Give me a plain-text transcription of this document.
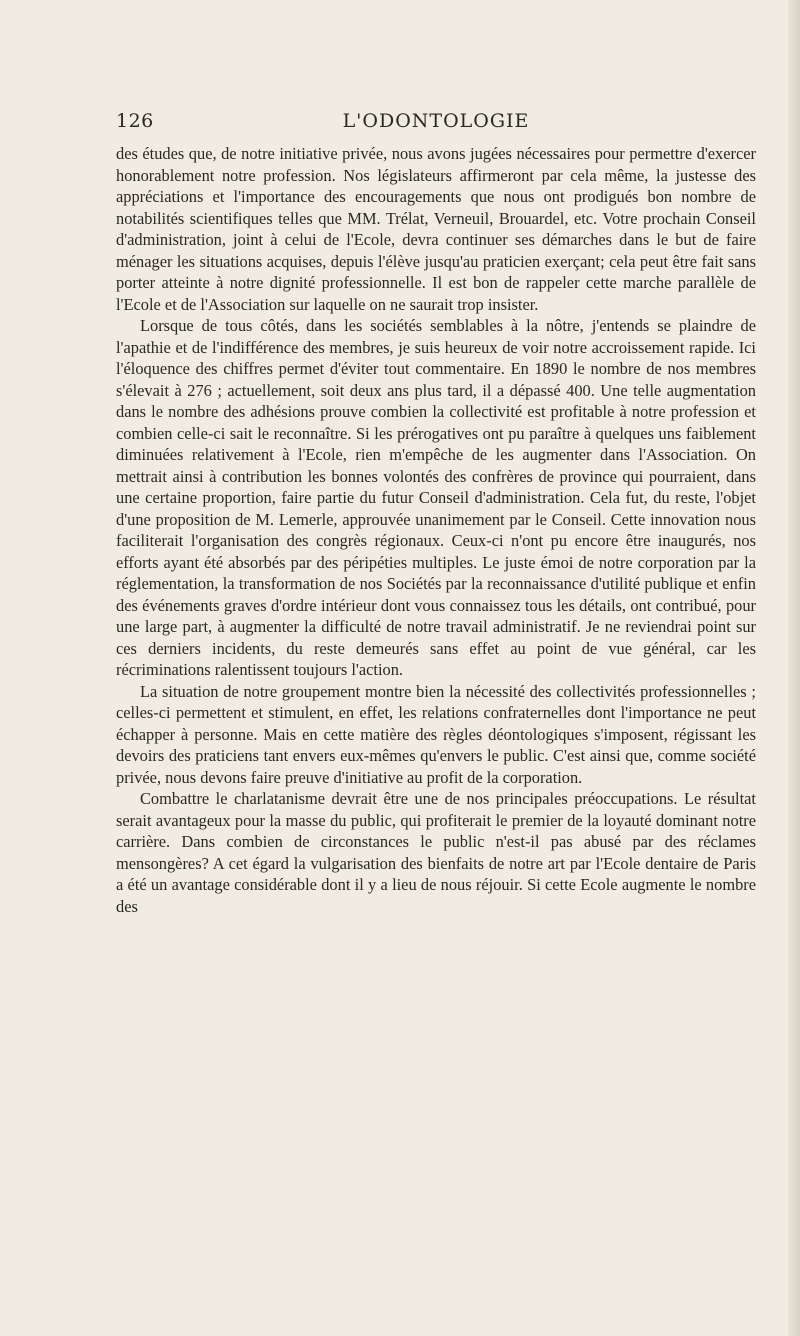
126	L'ODONTOLOGIE

des études que, de notre initiative privée, nous avons jugées nécessaires pour permettre d'exercer honorablement notre profession. Nos législateurs affirmeront par cela même, la justesse des appréciations et l'importance des encouragements que nous ont prodigués bon nombre de notabilités scientifiques telles que MM. Trélat, Verneuil, Brouardel, etc. Votre prochain Conseil d'administration, joint à celui de l'Ecole, devra continuer ses démarches dans le but de faire ménager les situations acquises, depuis l'élève jusqu'au praticien exerçant; cela peut être fait sans porter atteinte à notre dignité professionnelle. Il est bon de rappeler cette marche parallèle de l'Ecole et de l'Association sur laquelle on ne saurait trop insister.

Lorsque de tous côtés, dans les sociétés semblables à la nôtre, j'entends se plaindre de l'apathie et de l'indifférence des membres, je suis heureux de voir notre accroissement rapide. Ici l'éloquence des chiffres permet d'éviter tout commentaire. En 1890 le nombre de nos membres s'élevait à 276 ; actuellement, soit deux ans plus tard, il a dépassé 400. Une telle augmentation dans le nombre des adhésions prouve combien la collectivité est profitable à notre profession et combien celle-ci sait le reconnaître. Si les prérogatives ont pu paraître à quelques uns faiblement diminuées relativement à l'Ecole, rien m'empêche de les augmenter dans l'Association. On mettrait ainsi à contribution les bonnes volontés des confrères de province qui pourraient, dans une certaine proportion, faire partie du futur Conseil d'administration. Cela fut, du reste, l'objet d'une proposition de M. Lemerle, approuvée unanimement par le Conseil. Cette innovation nous faciliterait l'organisation des congrès régionaux. Ceux-ci n'ont pu encore être inaugurés, nos efforts ayant été absorbés par des péripéties multiples. Le juste émoi de notre corporation par la réglementation, la transformation de nos Sociétés par la reconnaissance d'utilité publique et enfin des événements graves d'ordre intérieur dont vous connaissez tous les détails, ont contribué, pour une large part, à augmenter la difficulté de notre travail administratif. Je ne reviendrai point sur ces derniers incidents, du reste demeurés sans effet au point de vue général, car les récriminations ralentissent toujours l'action.

La situation de notre groupement montre bien la nécessité des collectivités professionnelles ; celles-ci permettent et stimulent, en effet, les relations confraternelles dont l'importance ne peut échapper à personne. Mais en cette matière des règles déontologiques s'imposent, régissant les devoirs des praticiens tant envers eux-mêmes qu'envers le public. C'est ainsi que, comme société privée, nous devons faire preuve d'initiative au profit de la corporation.

Combattre le charlatanisme devrait être une de nos principales préoccupations. Le résultat serait avantageux pour la masse du public, qui profiterait le premier de la loyauté dominant notre carrière. Dans combien de circonstances le public n'est-il pas abusé par des réclames mensongères? A cet égard la vulgarisation des bienfaits de notre art par l'Ecole dentaire de Paris a été un avantage considérable dont il y a lieu de nous réjouir. Si cette Ecole augmente le nombre des
